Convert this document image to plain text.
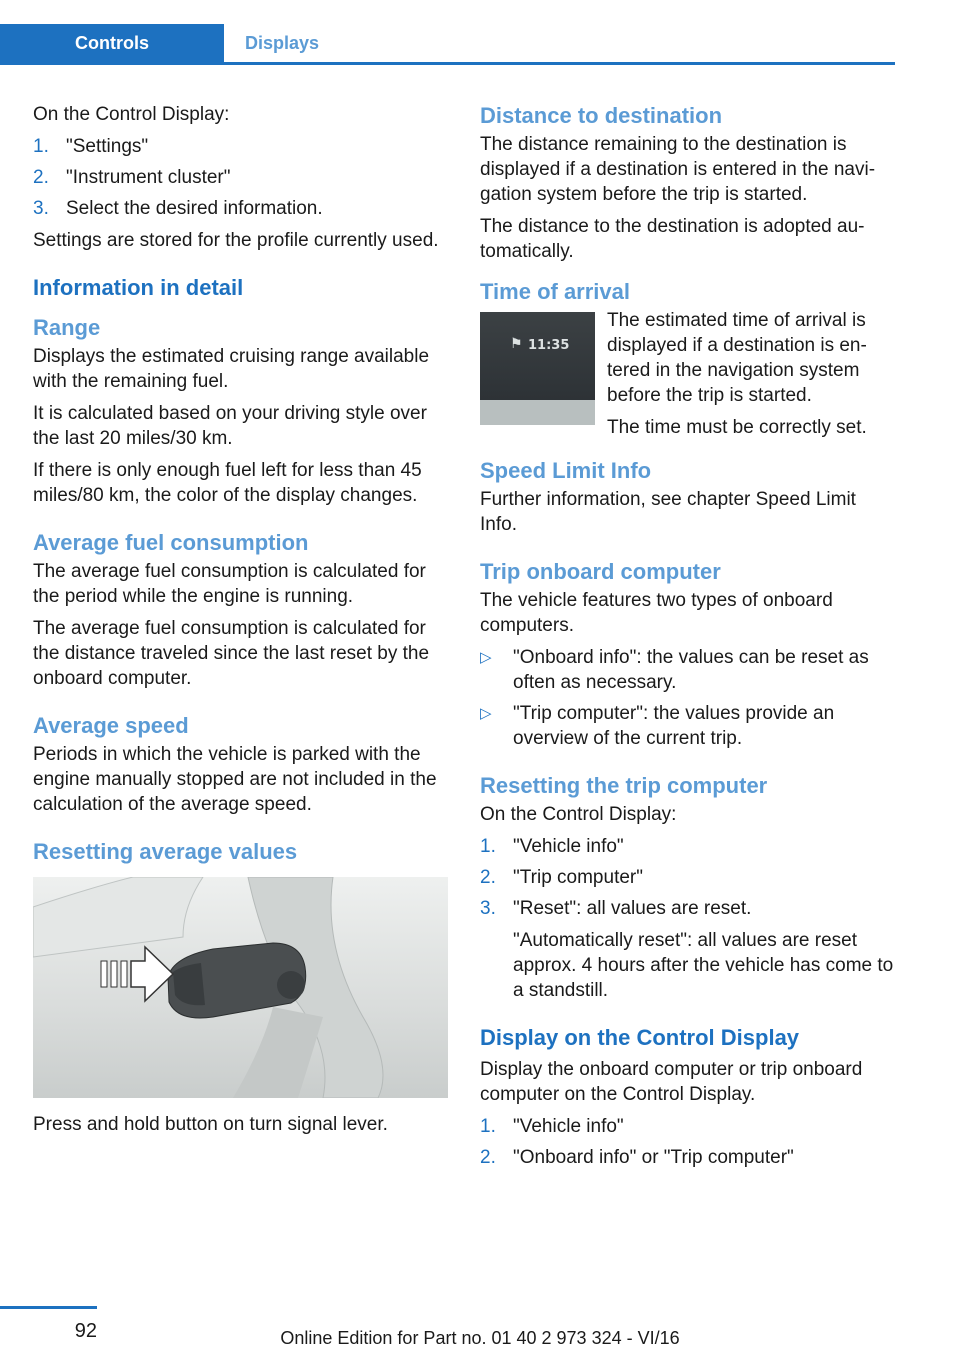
Controls	Displays

On the Control Display:

1. "Settings"
2. "Instrument cluster"
3. Select the desired information.

Settings are stored for the profile currently used.

Information in detail
Range

Displays the estimated cruising range available with the remaining fuel.

It is calculated based on your driving style over the last 20 miles/30 km.

If there is only enough fuel left for less than 45 miles/80 km, the color of the display changes.

Average fuel consumption

The average fuel consumption is calculated for the period while the engine is running.

The average fuel consumption is calculated for the distance traveled since the last reset by the onboard computer.

Average speed

Periods in which the vehicle is parked with the engine manually stopped are not included in the calculation of the average speed.

Resetting average values

Press and hold button on turn signal lever.

Distance to destination

The distance remaining to the destination is displayed if a destination is entered in the navi‐gation system before the trip is started.

The distance to the destination is adopted au‐tomatically.

Time of arrival
⚑ 11:35

The estimated time of arrival is displayed if a destination is en‐tered in the navigation system before the trip is started.

The time must be correctly set.

Speed Limit Info

Further information, see chapter Speed Limit Info.

Trip onboard computer

The vehicle features two types of onboard computers.

▷ "Onboard info": the values can be reset as often as necessary.
▷ "Trip computer": the values provide an overview of the current trip.
Resetting the trip computer

On the Control Display:

1. "Vehicle info"
2. "Trip computer"
3. "Reset": all values are reset.
"Automatically reset": all values are reset approx. 4 hours after the vehicle has come to a standstill.
Display on the Control Display

Display the onboard computer or trip onboard computer on the Control Display.

1. "Vehicle info"
2. "Onboard info" or "Trip computer"
92	Online Edition for Part no. 01 40 2 973 324 - VI/16
